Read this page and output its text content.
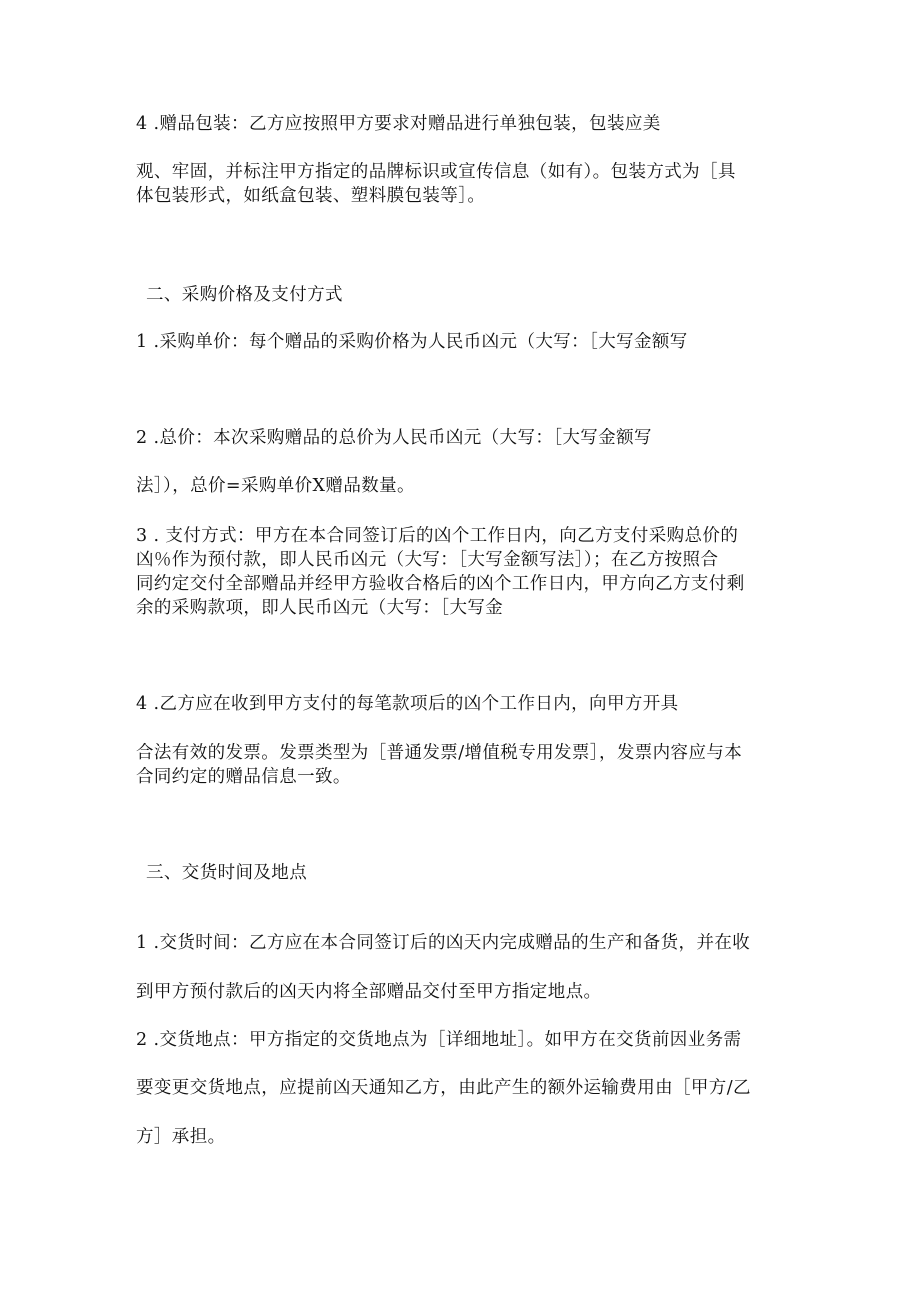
4 .赠品包装：乙方应按照甲方要求对赠品进行单独包装，包装应美
观、牢固，并标注甲方指定的品牌标识或宣传信息（如有）。包装方式为［具
体包装形式，如纸盒包装、塑料膜包装等］。
二、采购价格及支付方式
1 .采购单价：每个赠品的采购价格为人民币凶元（大写：［大写金额写
2 .总价：本次采购赠品的总价为人民币凶元（大写：［大写金额写
法］），总价=采购单价X赠品数量。
3 . 支付方式：甲方在本合同签订后的凶个工作日内，向乙方支付采购总价的
凶％作为预付款，即人民币凶元（大写：［大写金额写法］）；在乙方按照合
同约定交付全部赠品并经甲方验收合格后的凶个工作日内，甲方向乙方支付剩
余的采购款项，即人民币凶元（大写：［大写金
4 .乙方应在收到甲方支付的每笔款项后的凶个工作日内，向甲方开具
合法有效的发票。发票类型为［普通发票/增值税专用发票］，发票内容应与本
合同约定的赠品信息一致。
三、交货时间及地点
1 .交货时间：乙方应在本合同签订后的凶天内完成赠品的生产和备货，并在收
到甲方预付款后的凶天内将全部赠品交付至甲方指定地点。
2 .交货地点：甲方指定的交货地点为［详细地址］。如甲方在交货前因业务需
要变更交货地点，应提前凶天通知乙方，由此产生的额外运输费用由［甲方/乙
方］承担。
